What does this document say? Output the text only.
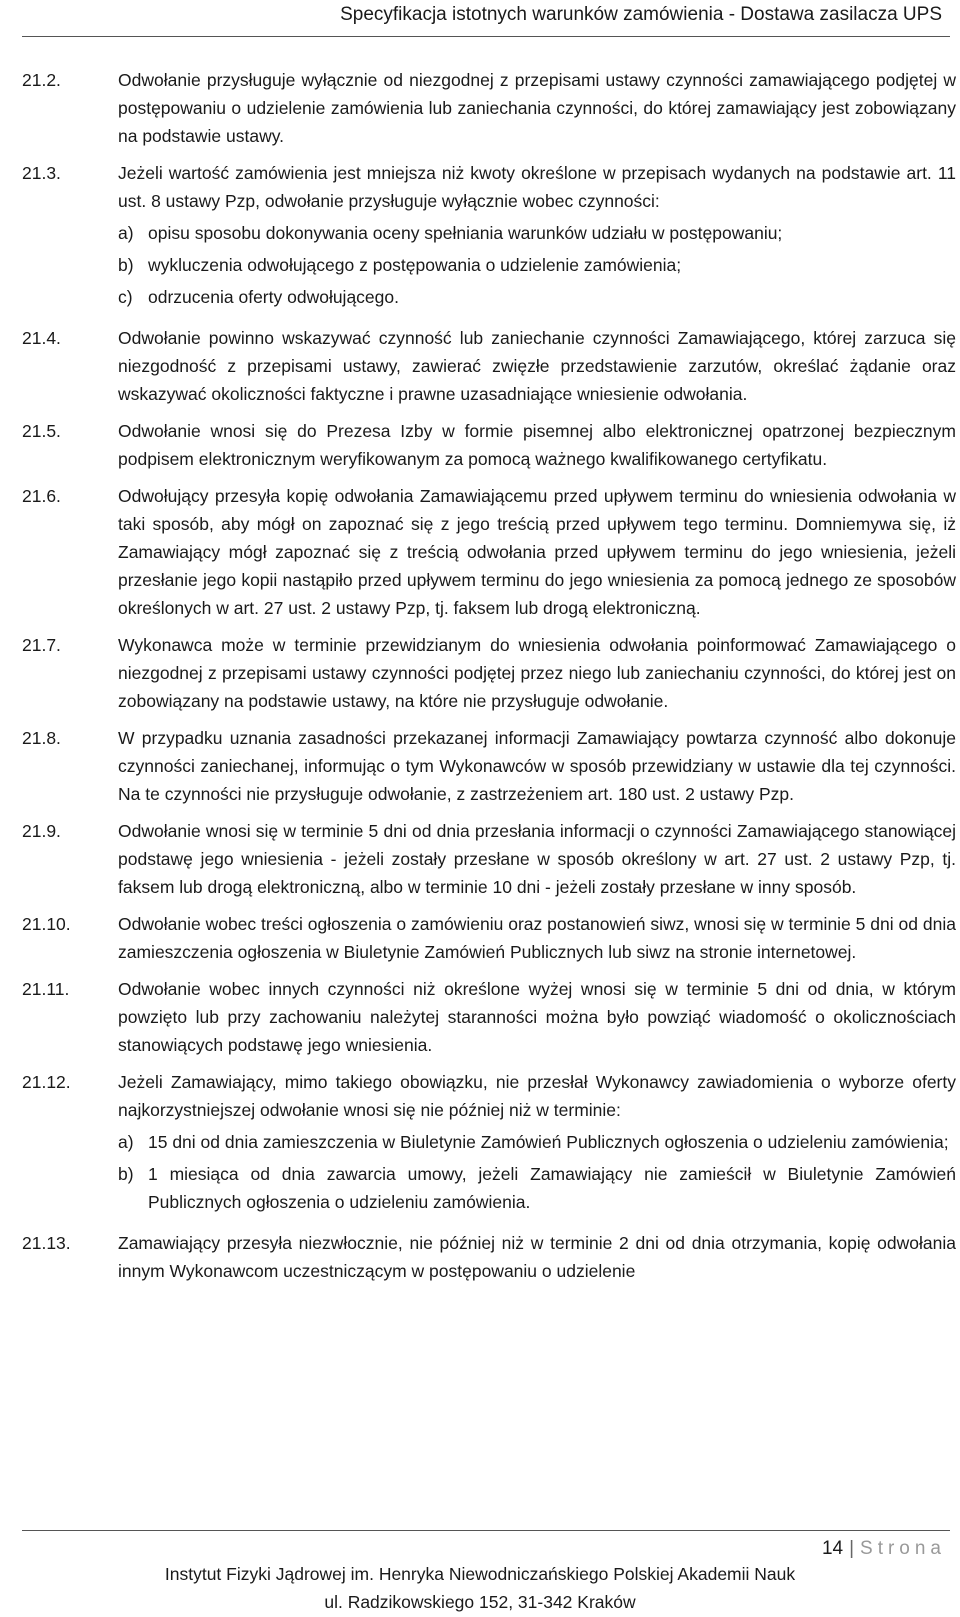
Specyfikacja istotnych warunków zamówienia - Dostawa zasilacza UPS
21.2.	Odwołanie przysługuje wyłącznie od niezgodnej z przepisami ustawy czynności zamawiającego podjętej w postępowaniu o udzielenie zamówienia lub zaniechania czynności, do której zamawiający jest zobowiązany na podstawie ustawy.
21.3.	Jeżeli wartość zamówienia jest mniejsza niż kwoty określone w przepisach wydanych na podstawie art. 11 ust. 8 ustawy Pzp, odwołanie przysługuje wyłącznie wobec czynności:
a) opisu sposobu dokonywania oceny spełniania warunków udziału w postępowaniu;
b) wykluczenia odwołującego z postępowania o udzielenie zamówienia;
c) odrzucenia oferty odwołującego.
21.4.	Odwołanie powinno wskazywać czynność lub zaniechanie czynności Zamawiającego, której zarzuca się niezgodność z przepisami ustawy, zawierać zwięzłe przedstawienie zarzutów, określać żądanie oraz wskazywać okoliczności faktyczne i prawne uzasadniające wniesienie odwołania.
21.5.	Odwołanie wnosi się do Prezesa Izby w formie pisemnej albo elektronicznej opatrzonej bezpiecznym podpisem elektronicznym weryfikowanym za pomocą ważnego kwalifikowanego certyfikatu.
21.6.	Odwołujący przesyła kopię odwołania Zamawiającemu przed upływem terminu do wniesienia odwołania w taki sposób, aby mógł on zapoznać się z jego treścią przed upływem tego terminu. Domniemywa się, iż Zamawiający mógł zapoznać się z treścią odwołania przed upływem terminu do jego wniesienia, jeżeli przesłanie jego kopii nastąpiło przed upływem terminu do jego wniesienia za pomocą jednego ze sposobów określonych w art. 27 ust. 2 ustawy Pzp, tj. faksem lub drogą elektroniczną.
21.7.	Wykonawca może w terminie przewidzianym do wniesienia odwołania poinformować Zamawiającego o niezgodnej z przepisami ustawy czynności podjętej przez niego lub zaniechaniu czynności, do której jest on zobowiązany na podstawie ustawy, na które nie przysługuje odwołanie.
21.8.	W przypadku uznania zasadności przekazanej informacji Zamawiający powtarza czynność albo dokonuje czynności zaniechanej, informując o tym Wykonawców w sposób przewidziany w ustawie dla tej czynności. Na te czynności nie przysługuje odwołanie, z zastrzeżeniem art. 180 ust. 2 ustawy Pzp.
21.9.	Odwołanie wnosi się w terminie 5 dni od dnia przesłania informacji o czynności Zamawiającego stanowiącej podstawę jego wniesienia - jeżeli zostały przesłane w sposób określony w art. 27 ust. 2 ustawy Pzp, tj. faksem lub drogą elektroniczną, albo w terminie 10 dni - jeżeli zostały przesłane w inny sposób.
21.10.	Odwołanie wobec treści ogłoszenia o zamówieniu oraz postanowień siwz, wnosi się w terminie 5 dni od dnia zamieszczenia ogłoszenia w Biuletynie Zamówień Publicznych lub siwz na stronie internetowej.
21.11.	Odwołanie wobec innych czynności niż określone wyżej wnosi się w terminie 5 dni od dnia, w którym powzięto lub przy zachowaniu należytej staranności można było powziąć wiadomość o okolicznościach stanowiących podstawę jego wniesienia.
21.12.	Jeżeli Zamawiający, mimo takiego obowiązku, nie przesłał Wykonawcy zawiadomienia o wyborze oferty najkorzystniejszej odwołanie wnosi się nie później niż w terminie:
a) 15 dni od dnia zamieszczenia w Biuletynie Zamówień Publicznych ogłoszenia o udzieleniu zamówienia;
b) 1 miesiąca od dnia zawarcia umowy, jeżeli Zamawiający nie zamieścił w Biuletynie Zamówień Publicznych ogłoszenia o udzieleniu zamówienia.
21.13.	Zamawiający przesyła niezwłocznie, nie później niż w terminie 2 dni od dnia otrzymania, kopię odwołania innym Wykonawcom uczestniczącym w postępowaniu o udzielenie
14 | Strona
Instytut Fizyki Jądrowej im. Henryka Niewodniczańskiego Polskiej Akademii Nauk
ul. Radzikowskiego 152, 31-342 Kraków
